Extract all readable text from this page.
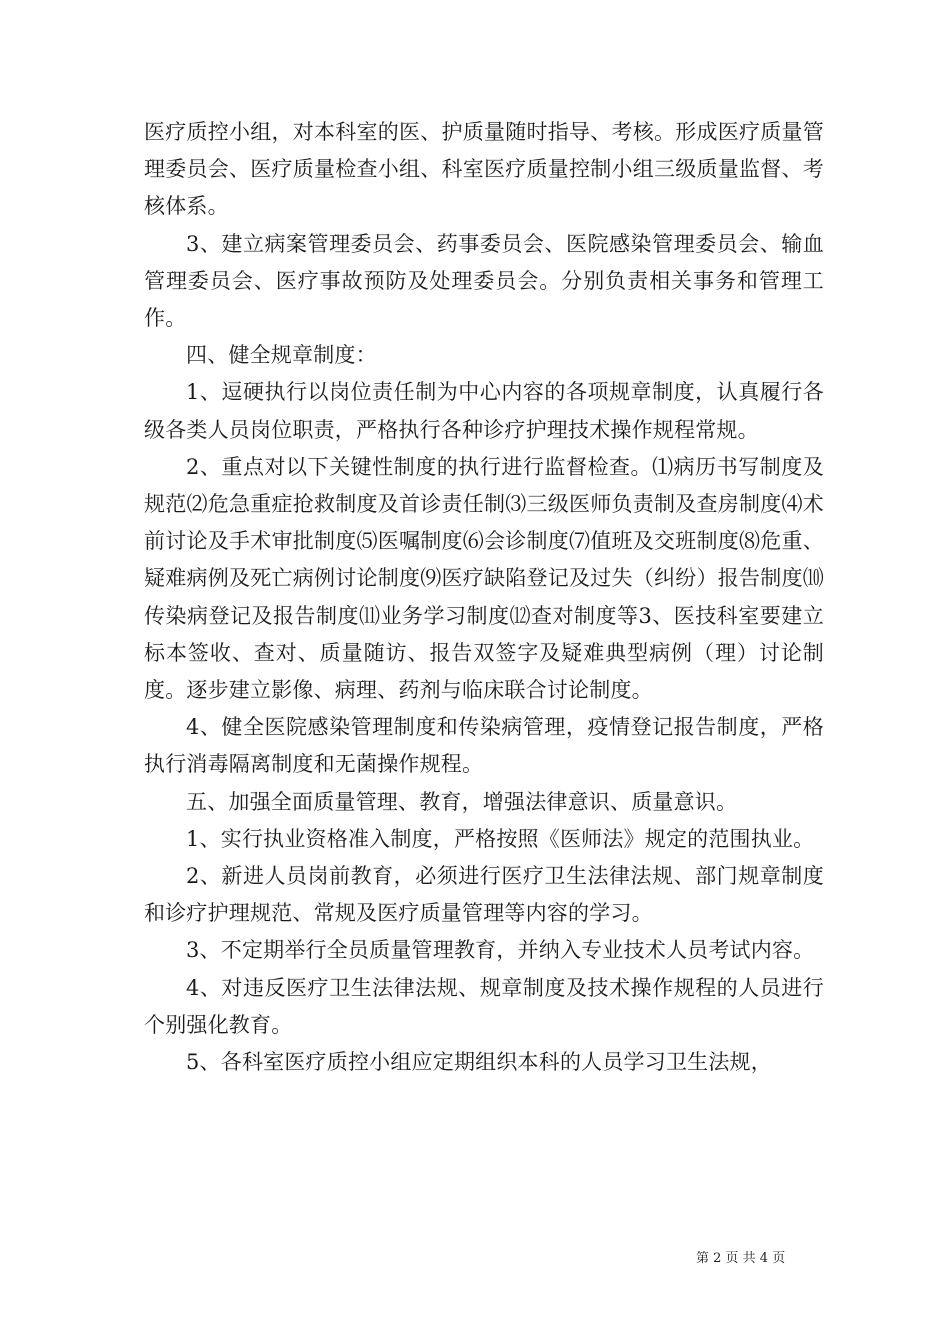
医疗质控小组，对本科室的医、护质量随时指导、考核。形成医疗质量管理委员会、医疗质量检查小组、科室医疗质量控制小组三级质量监督、考核体系。

3、建立病案管理委员会、药事委员会、医院感染管理委员会、输血管理委员会、医疗事故预防及处理委员会。分别负责相关事务和管理工作。

四、健全规章制度：

1、逗硬执行以岗位责任制为中心内容的各项规章制度，认真履行各级各类人员岗位职责，严格执行各种诊疗护理技术操作规程常规。

2、重点对以下关键性制度的执行进行监督检查。⑴病历书写制度及规范⑵危急重症抢救制度及首诊责任制⑶三级医师负责制及查房制度⑷术前讨论及手术审批制度⑸医嘱制度⑹会诊制度⑺值班及交班制度⑻危重、疑难病例及死亡病例讨论制度⑼医疗缺陷登记及过失（纠纷）报告制度⑽传染病登记及报告制度⑾业务学习制度⑿查对制度等3、医技科室要建立标本签收、查对、质量随访、报告双签字及疑难典型病例（理）讨论制度。逐步建立影像、病理、药剂与临床联合讨论制度。

4、健全医院感染管理制度和传染病管理，疫情登记报告制度，严格执行消毒隔离制度和无菌操作规程。

五、加强全面质量管理、教育，增强法律意识、质量意识。

1、实行执业资格准入制度，严格按照《医师法》规定的范围执业。

2、新进人员岗前教育，必须进行医疗卫生法律法规、部门规章制度和诊疗护理规范、常规及医疗质量管理等内容的学习。

3、不定期举行全员质量管理教育，并纳入专业技术人员考试内容。

4、对违反医疗卫生法律法规、规章制度及技术操作规程的人员进行个别强化教育。

5、各科室医疗质控小组应定期组织本科的人员学习卫生法规，

第 2 页 共 4 页
